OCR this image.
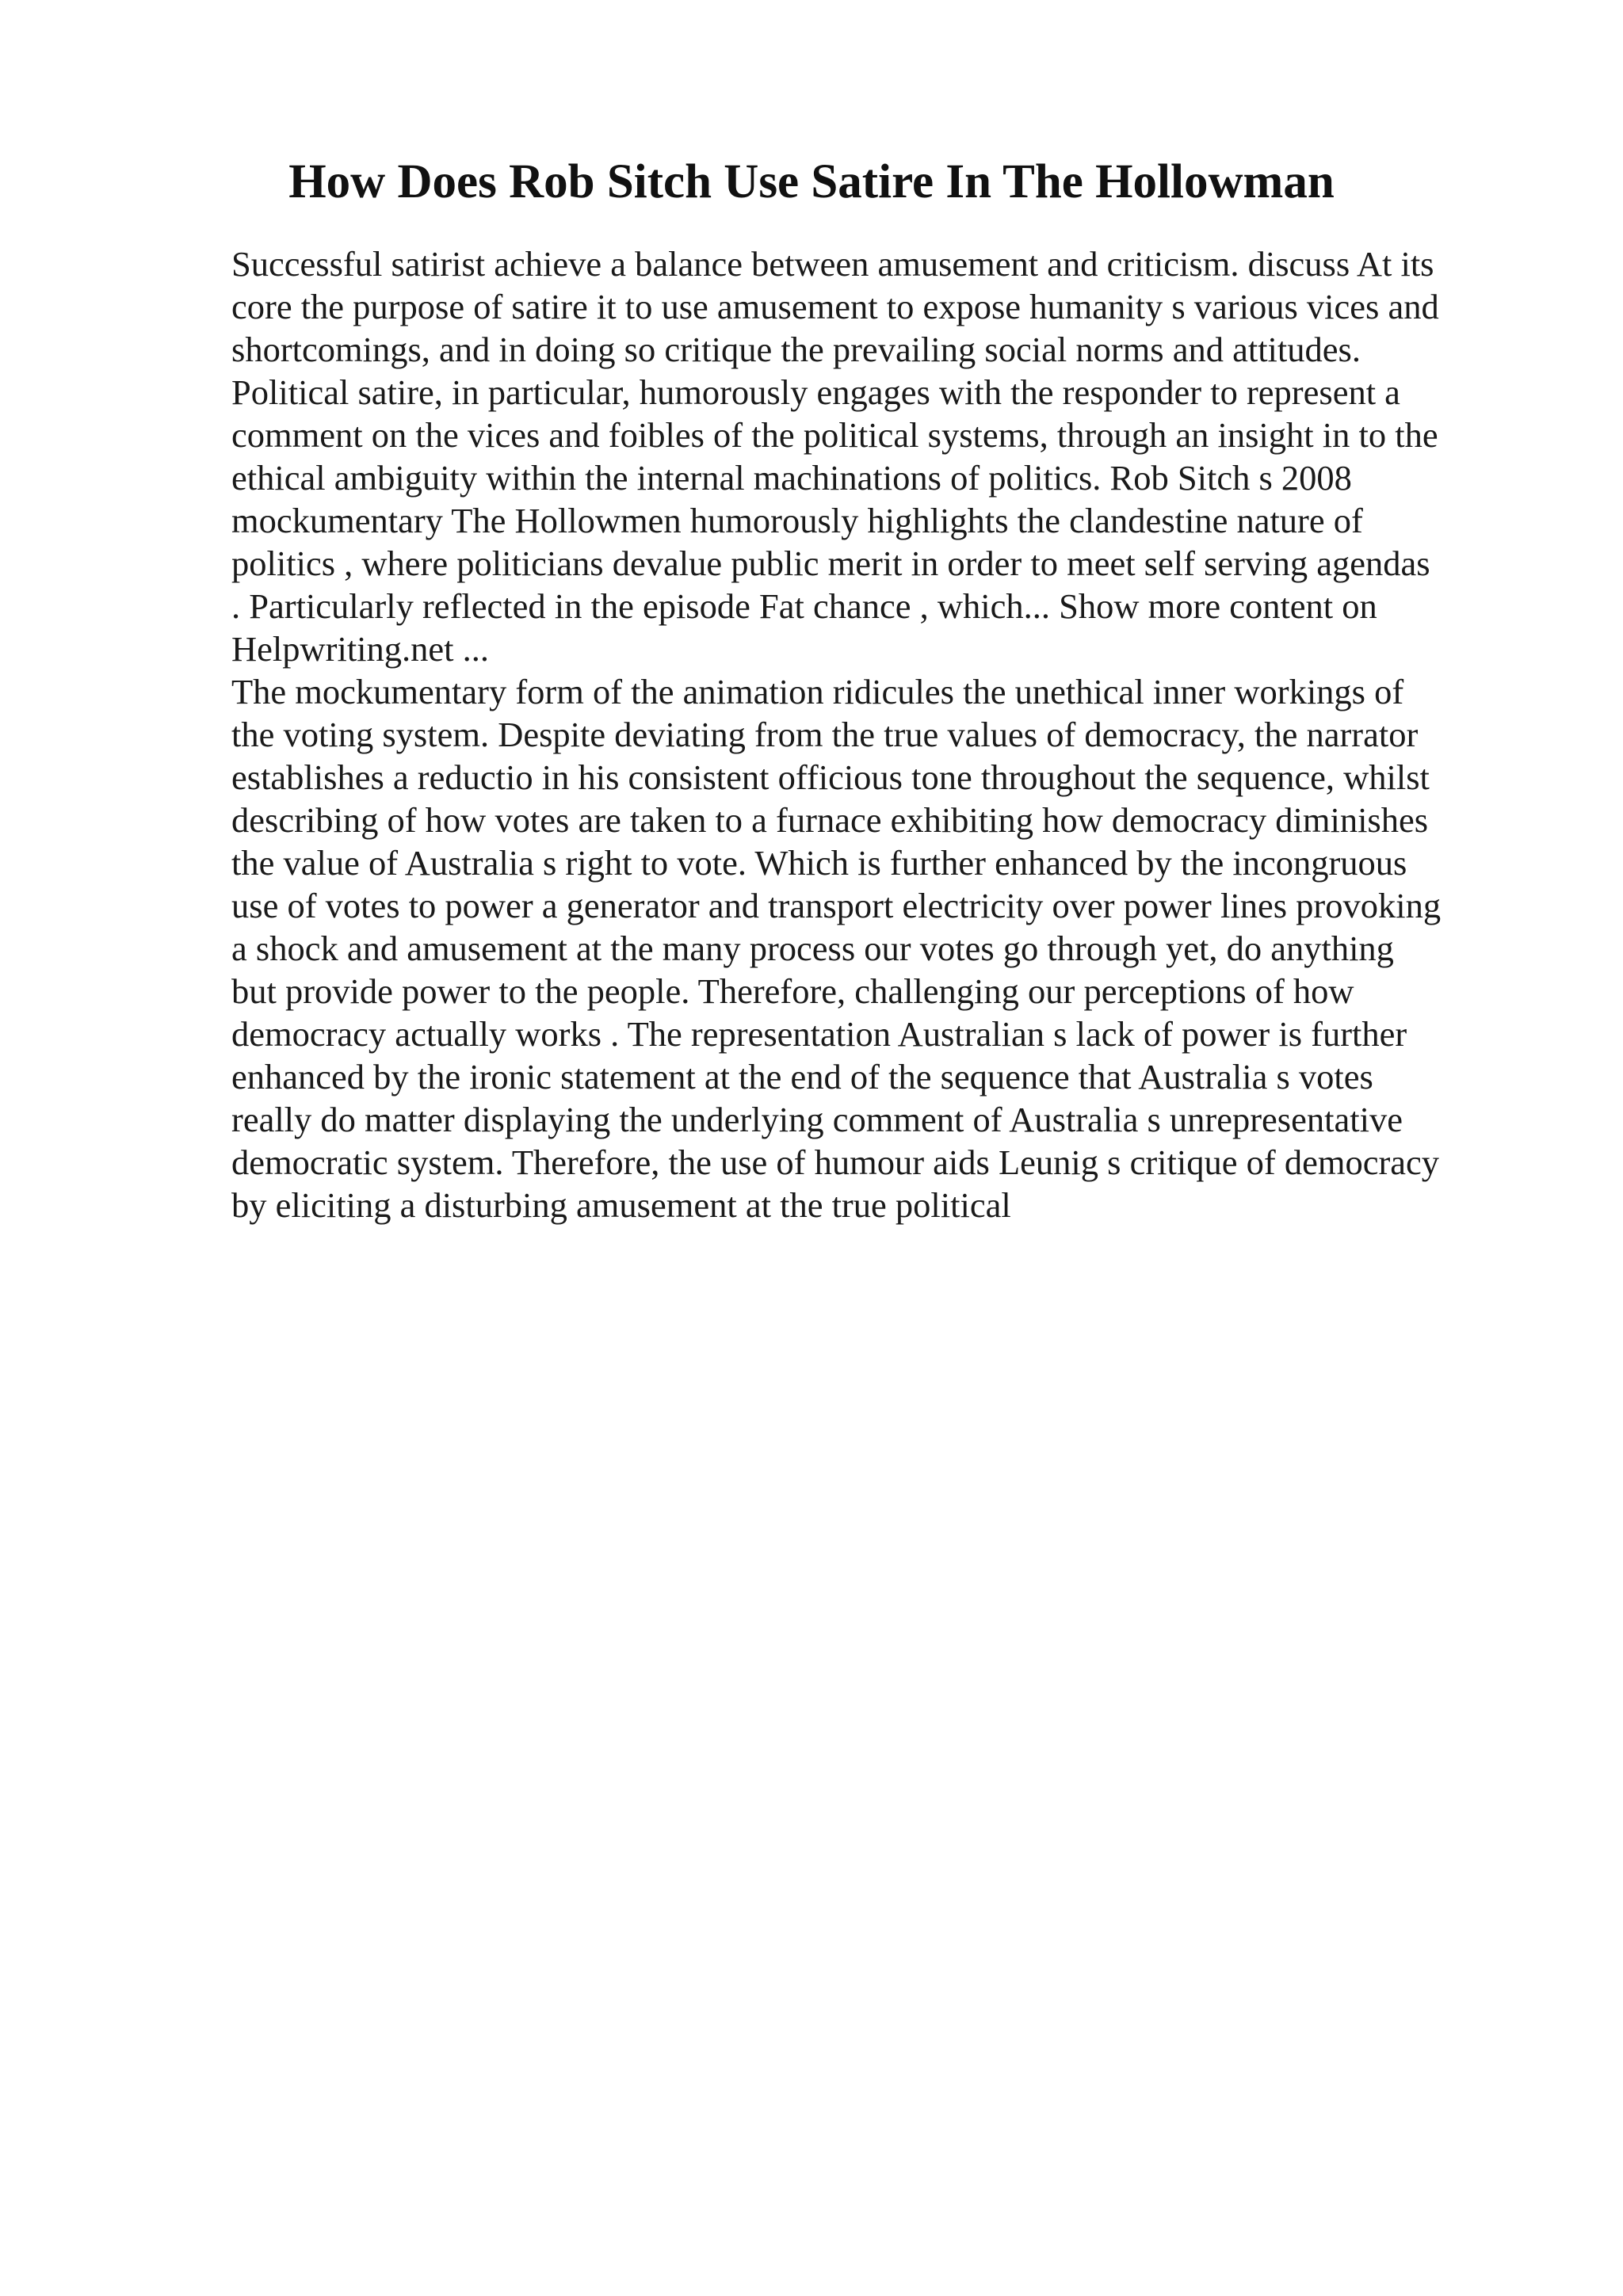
How Does Rob Sitch Use Satire In The Hollowman

Successful satirist achieve a balance between amusement and criticism. discuss At its
core the purpose of satire it to use amusement to expose humanity s various vices and
shortcomings, and in doing so critique the prevailing social norms and attitudes.
Political satire, in particular, humorously engages with the responder to represent a
comment on the vices and foibles of the political systems, through an insight in to the
ethical ambiguity within the internal machinations of politics. Rob Sitch s 2008
mockumentary The Hollowmen humorously highlights the clandestine nature of
politics , where politicians devalue public merit in order to meet self serving agendas
. Particularly reflected in the episode Fat chance , which... Show more content on
Helpwriting.net ...

The mockumentary form of the animation ridicules the unethical inner workings of
the voting system. Despite deviating from the true values of democracy, the narrator
establishes a reductio in his consistent officious tone throughout the sequence, whilst
describing of how votes are taken to a furnace exhibiting how democracy diminishes
the value of Australia s right to vote. Which is further enhanced by the incongruous
use of votes to power a generator and transport electricity over power lines provoking
a shock and amusement at the many process our votes go through yet, do anything
but provide power to the people. Therefore, challenging our perceptions of how
democracy actually works . The representation Australian s lack of power is further
enhanced by the ironic statement at the end of the sequence that Australia s votes
really do matter displaying the underlying comment of Australia s unrepresentative
democratic system. Therefore, the use of humour aids Leunig s critique of democracy
by eliciting a disturbing amusement at the true political
